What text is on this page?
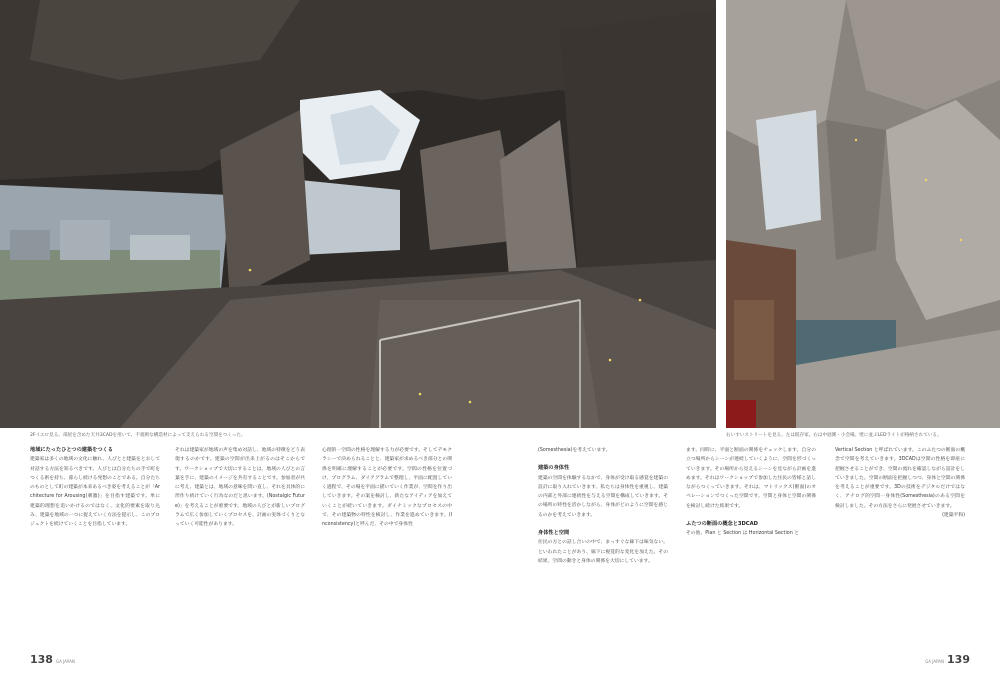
2Fイエロ見る。部屋を含めた天井3CADを用いて、不規則な構造材によって支えられる空間をつくった。	右いすいストリートを見る。左は既存家。右は中庭側・小会場。壁に並ぶLEDライトが格納されている。

地域にたったひとつの建築をつくる

建築家は多くの地域の文化に触れ、人びとと建築をとおして対話する方法を知るべきです。人びとは自分たちの手で町をつくる術を持ち、暮らし続ける発想のことである。自分たちのものとして町の建築が本来あるべき姿を考えることが「Architecture for Arousing(刺激)」を目指す建築です。単に建築的理想を追いかけるのではなく、文化的要素を取り込み、建築を地域の一つに捉えていく方法を提示し、このプロジェクトを続けていくことを目指しています。

それは建築家が地域の声を集め対話し、地域の特徴をどう表現するのかです。建築の空間が出来上がるのはそこからです。ワークショップで大切にすることは、地域の人びとの言葉を手に、建築のイメージを共有することです。参加者が共に考え、建築とは、地域の意味を問い直し、それを具体的に形作り続けていく行為なのだと思います。(Nostalgic Future)」を考えることが重要です。地域の人びとが新しいプログラムで広く参加していくプロセスを、計画の実体づくりとなっていく可能性があります。

心理的一空間の性格を理解する力が必要です。そしてデモクラシーで決められることと、建築家が求めるべき部分との関係を明確に理解することが必要です。空間の性格を位置づけ、プログラム、ダイアグラムで整理し、平面に配置していく過程で、その場を平面に描いていく作業が、空間を作り出していきます。その案を検討し、新たなアイディアを加えていくことが続いていきます。ダイナミックなプロセスの中で、その建築物の特性を検討し、作業を進めていきます。(Inconsistency)と呼んだ、その中で身体性

(Somesthesia)を考えています。

建築の身体性

建築の空間を体験するなかで、身体が受け取る感覚を建築の設計に取り入れていきます。私たちは身体性を重視し、建築の内部と外部に連続性を与える空間を構成していきます。その場所の特性を活かしながら、身体がどのように空間を感じるのかを考えていきます。

身体性と空間

住民の方との話し合いの中で、まっすぐな廊下は味気ない。といわれたことがあり、廊下に視覚的な変化を加えた。その結果、空間の動きと身体の関係を大切にしています。

ます。同時に、平面と断面の関係をチェックします。自分の立つ場所からシーンが連続していくように、空間を形づくっていきます。その場所から見えるシーンを見ながら計画を進めます。それはワークショップで参加した住民の皆様と話しながらつくっていきます。それは、マトリックス(断面)のオペレーションでつくった空間です。空間と身体と空間の関係を検討し続けた結果です。

ふたつの断面の概念と3DCAD

その他、Plan と Section は Horizontal Section と

Vertical Section と呼ばれています。このふたつの断面の概念で空間を考えていきます。3DCADは空間の性格を即座に把握させることができ、空間の流れを確認しながら設計をしていきました。空間の断面を把握しつつ、身体と空間の関係を考えることが重要です。3Dの技術をデジタルだけではなく、アナログ的空間一身体性(Somesthesia)のある空間を検討しました。その方法をさらに発展させていきます。

(建築平和)

138 GA JAPAN	GA JAPAN 139
